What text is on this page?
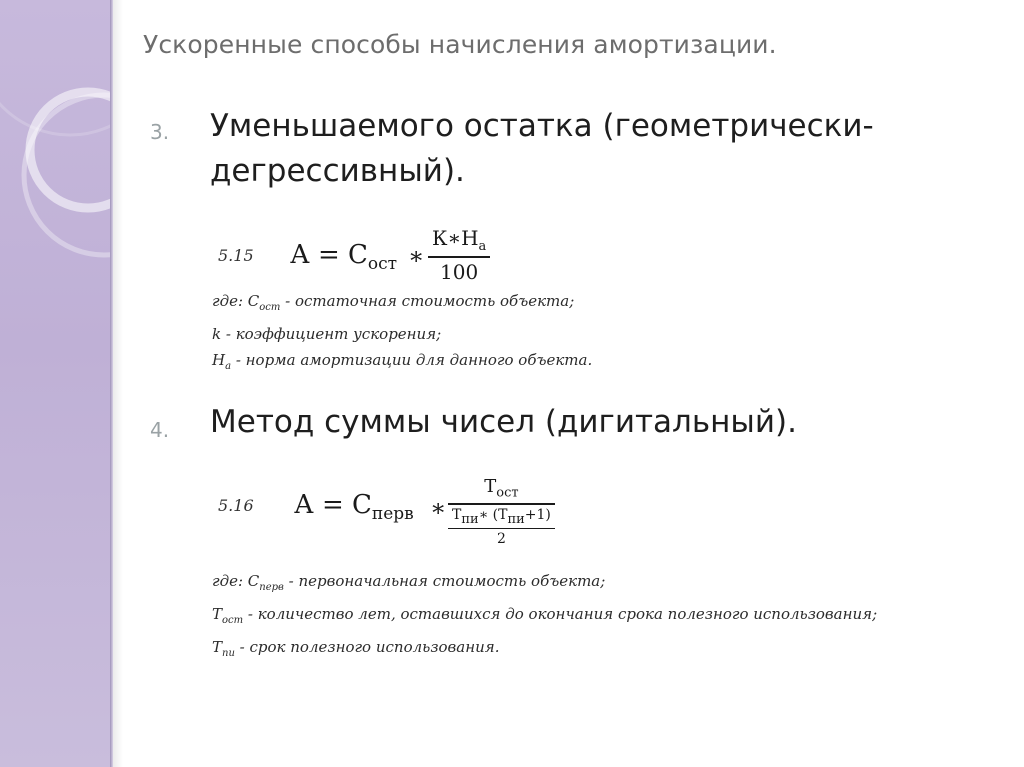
Ускоренные способы начисления амортизации.
3. Уменьшаемого остатка (геометрически-дегрессивный).
5.15 $А = С_{ост}$ ∗
$К∗Н_а$
100
где: $С_{ост}$ - остаточная стоимость объекта;
k - коэффициент ускорения;
$Н_а$ - норма амортизации для данного объекта.
4. Метод суммы чисел (дигитальный).
5.16 $А = С_{перв}$ ∗
$Т_{ост}$
$Т_{пи}∗$ $(Т_{пи}+1)$
2
где: $С_{перв}$ - первоначальная стоимость объекта;
$Т_{ост}$ - количество лет, оставшихся до окончания срока полезного использования;
$Т_{пи}$ - срок полезного использования.
